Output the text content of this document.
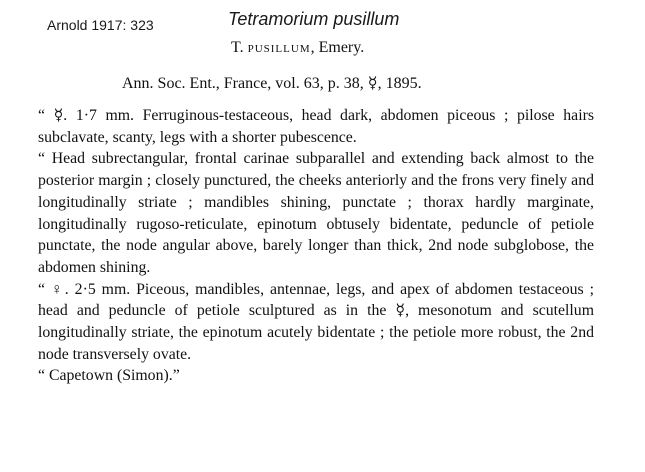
Arnold 1917: 323	Tetramorium pusillum
T. pusillum, Emery.
Ann. Soc. Ent., France, vol. 63, p. 38, ☿, 1895.

“ ☿. 1·7 mm. Ferruginous-testaceous, head dark, abdomen piceous ; pilose hairs subclavate, scanty, legs with a shorter pubescence.

“ Head subrectangular, frontal carinae subparallel and extending back almost to the posterior margin ; closely punctured, the cheeks anteriorly and the frons very finely and longitudinally striate ; mandibles shining, punctate ; thorax hardly marginate, longitudinally rugoso-reticulate, epinotum obtusely bidentate, peduncle of petiole punctate, the node angular above, barely longer than thick, 2nd node subglobose, the abdomen shining.

“ ♀. 2·5 mm. Piceous, mandibles, antennae, legs, and apex of abdomen testaceous ; head and peduncle of petiole sculptured as in the ☿, mesonotum and scutellum longitudinally striate, the epinotum acutely bidentate ; the petiole more robust, the 2nd node transversely ovate.

“ Capetown (Simon).”
